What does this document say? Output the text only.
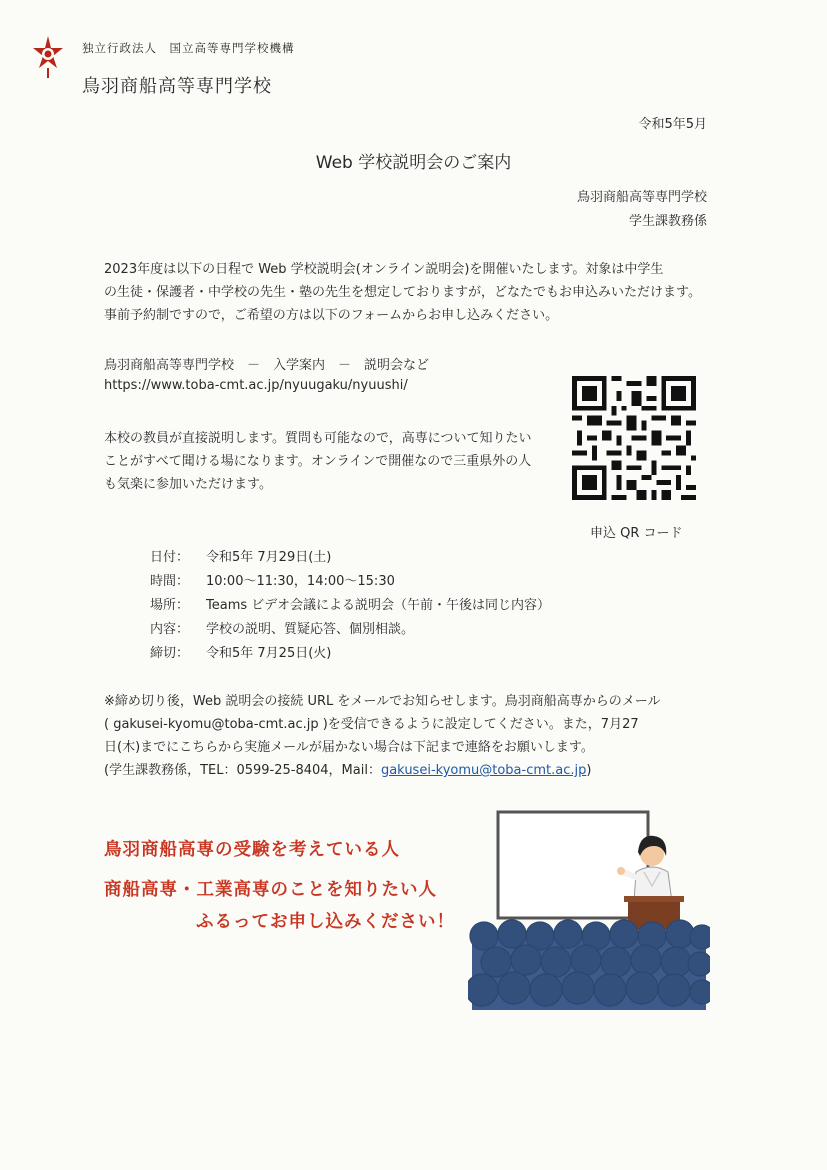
独立行政法人　国立高等専門学校機構
鳥羽商船高等専門学校
令和5年5月
Web 学校説明会のご案内
鳥羽商船高等専門学校
学生課教務係
2023年度は以下の日程で Web 学校説明会(オンライン説明会)を開催いたします。対象は中学生
の生徒・保護者・中学校の先生・塾の先生を想定しておりますが，どなたでもお申込みいただけます。
事前予約制ですので，ご希望の方は以下のフォームからお申し込みください。
鳥羽商船高等専門学校　－　入学案内　－　説明会など
https://www.toba-cmt.ac.jp/nyuugaku/nyuushi/
本校の教員が直接説明します。質問も可能なので，高専について知りたい
ことがすべて聞ける場になります。オンラインで開催なので三重県外の人
も気楽に参加いただけます。
申込 QR コード
日付： 令和5年 7月29日(土)
時間： 10:00～11:30，14:00～15:30
場所： Teams ビデオ会議による説明会（午前・午後は同じ内容）
内容： 学校の説明、質疑応答、個別相談。
締切： 令和5年 7月25日(火)
※締め切り後，Web 説明会の接続 URL をメールでお知らせします。鳥羽商船高専からのメール
( gakusei-kyomu@toba-cmt.ac.jp )を受信できるように設定してください。また，7月27
日(木)までにこちらから実施メールが届かない場合は下記まで連絡をお願いします。
(学生課教務係，TEL：0599-25-8404，Mail：gakusei-kyomu@toba-cmt.ac.jp)
鳥羽商船高専の受験を考えている人
商船高専・工業高専のことを知りたい人
ふるってお申し込みください！
